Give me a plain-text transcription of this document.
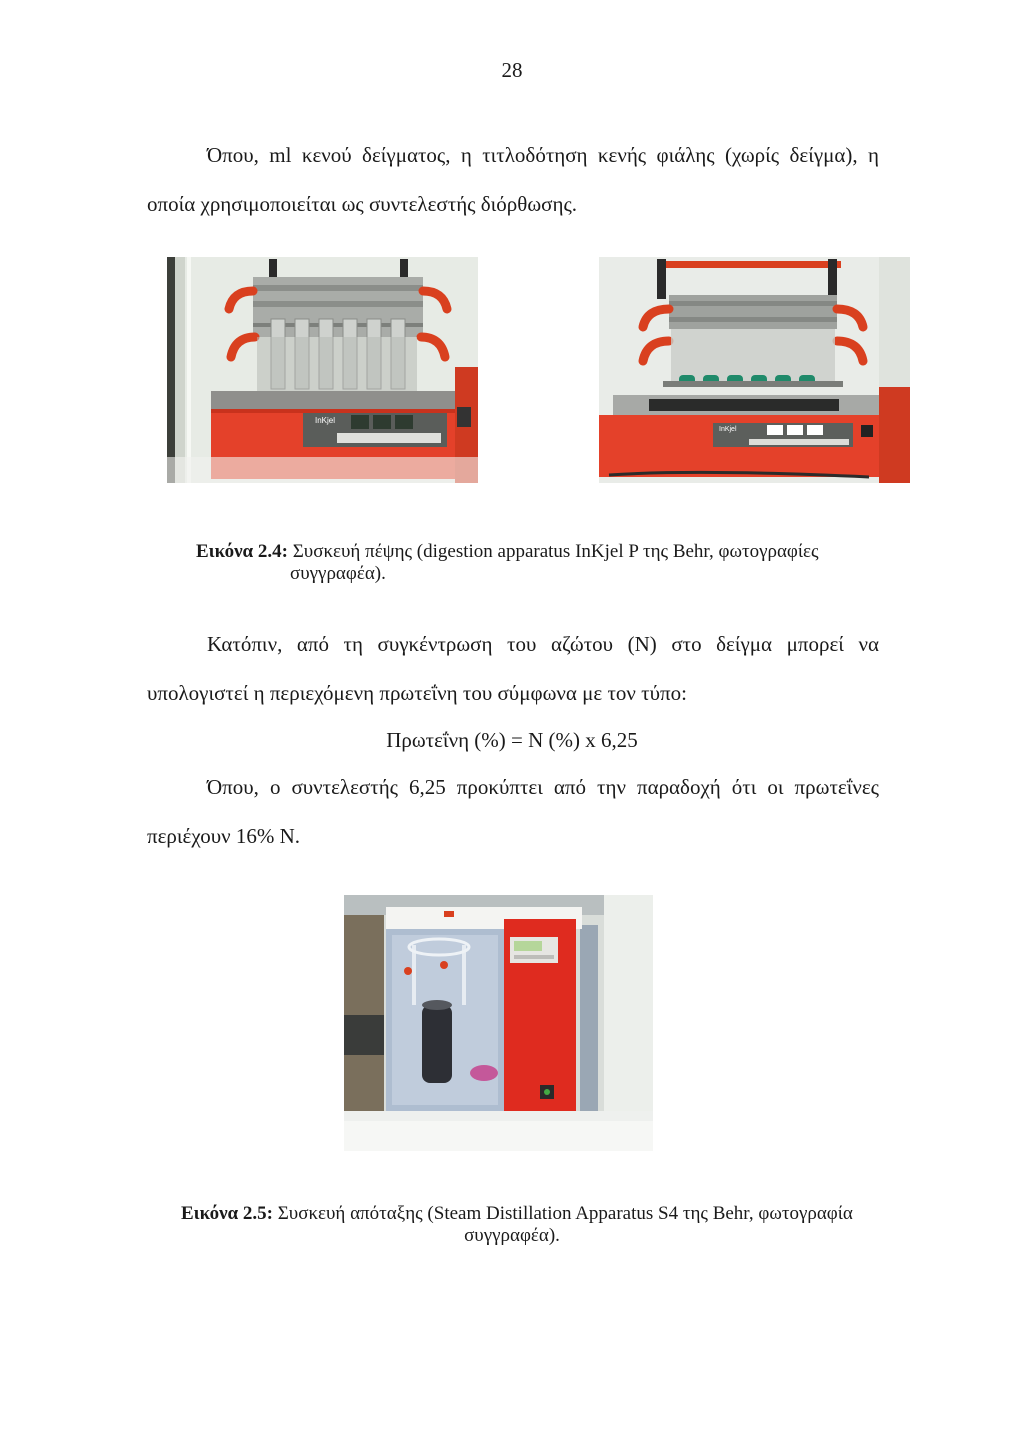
28

Όπου, ml κενού δείγματος, η τιτλοδότηση κενής φιάλης (χωρίς δείγμα), η οποία χρησιμοποιείται ως συντελεστής διόρθωσης.

InKjel
InKjel

Εικόνα 2.4: Συσκευή πέψης (digestion apparatus InKjel P της Behr, φωτογραφίες

συγγραφέα).

Κατόπιν, από τη συγκέντρωση του αζώτου (Ν) στο δείγμα μπορεί να υπολογιστεί η περιεχόμενη πρωτεΐνη του σύμφωνα με τον τύπο:

Πρωτεΐνη (%) = Ν (%) x 6,25

Όπου, ο συντελεστής 6,25 προκύπτει από την παραδοχή ότι οι πρωτεΐνες περιέχουν 16% Ν.

Εικόνα 2.5: Συσκευή απόταξης (Steam Distillation Apparatus S4 της Behr, φωτογραφία

συγγραφέα).
